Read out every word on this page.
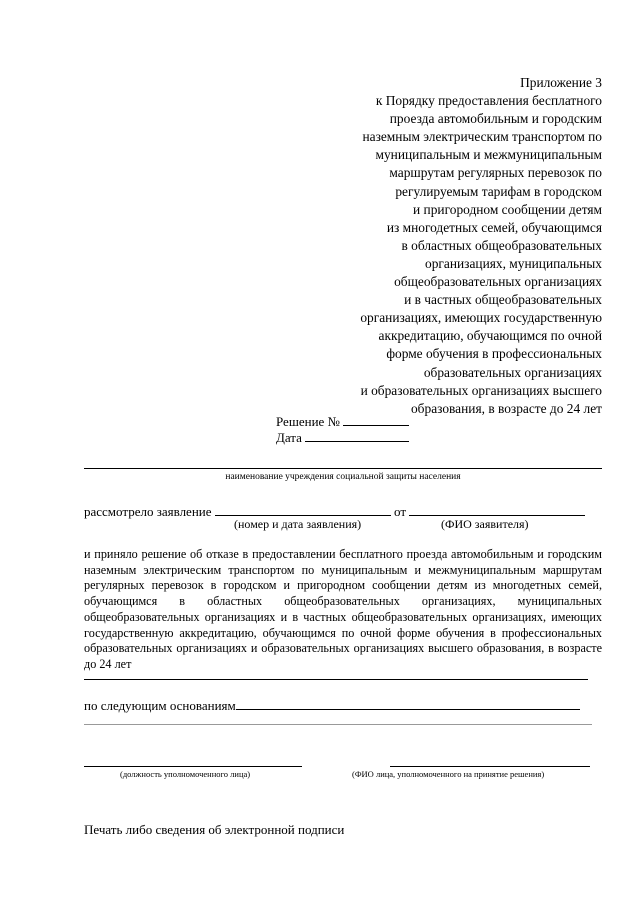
Приложение 3
к Порядку предоставления бесплатного
проезда автомобильным и городским
наземным электрическим транспортом по
муниципальным и межмуниципальным
маршрутам регулярных перевозок по
регулируемым тарифам в городском
и пригородном сообщении детям
из многодетных семей, обучающимся
в областных общеобразовательных
организациях, муниципальных
общеобразовательных организациях
и в частных общеобразовательных
организациях, имеющих государственную
аккредитацию, обучающимся по очной
форме обучения в профессиональных
образовательных организациях
и образовательных организациях высшего
образования, в возрасте до 24 лет
Решение №
Дата
наименование учреждения социальной защиты населения
рассмотрело заявление	от
(номер и дата заявления)	(ФИО заявителя)
и приняло решение об отказе в предоставлении бесплатного проезда автомобильным и городским наземным электрическим транспортом по муниципальным и межмуниципальным маршрутам регулярных перевозок в городском и пригородном сообщении детям из многодетных семей, обучающимся в областных общеобразовательных организациях, муниципальных общеобразовательных организациях и в частных общеобразовательных организациях, имеющих государственную аккредитацию, обучающимся по очной форме обучения в профессиональных образовательных организациях и образовательных организациях высшего образования, в возрасте до 24 лет
по следующим основаниям
(должность уполномоченного лица)	(ФИО лица, уполномоченного на принятие решения)
Печать либо сведения об электронной подписи
